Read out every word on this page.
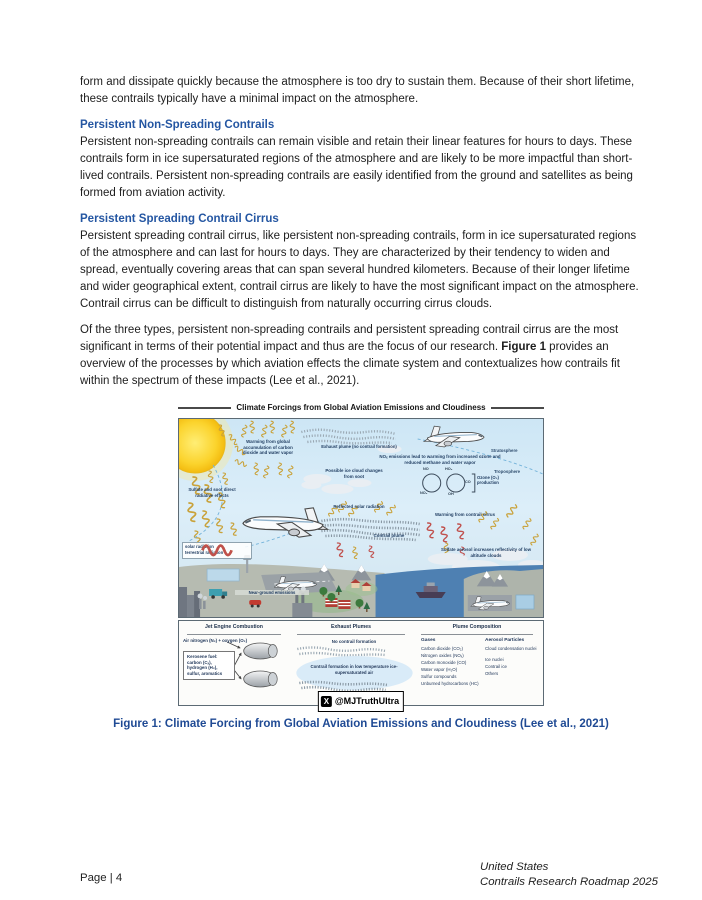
form and dissipate quickly because the atmosphere is too dry to sustain them. Because of their short lifetime, these contrails typically have a minimal impact on the atmosphere.

Persistent Non-Spreading Contrails

Persistent non-spreading contrails can remain visible and retain their linear features for hours to days. These contrails form in ice supersaturated regions of the atmosphere and are likely to be more impactful than short-lived contrails. Persistent non-spreading contrails are easily identified from the ground and satellites as being formed from aviation activity.

Persistent Spreading Contrail Cirrus

Persistent spreading contrail cirrus, like persistent non-spreading contrails, form in ice supersaturated regions of the atmosphere and can last for hours to days. They are characterized by their tendency to widen and spread, eventually covering areas that can span several hundred kilometers. Because of their longer lifetime and wider geographical extent, contrail cirrus are likely to have the most significant impact on the atmosphere. Contrail cirrus can be difficult to distinguish from naturally occurring cirrus clouds.

Of the three types, persistent non-spreading contrails and persistent spreading contrail cirrus are the most significant in terms of their potential impact and thus are the focus of our research. Figure 1 provides an overview of the processes by which aviation effects the climate system and contextualizes how contrails fit within the spectrum of these impacts (Lee et al., 2021).

Climate Forcings from Global Aviation Emissions and Cloudiness
Warming from global accumulation of carbon dioxide and water vapor
Exhaust plume (no contrail formation)
Stratosphere
Troposphere
NOₓ emissions lead to warming from increased ozone and reduced methane and water vapor
NO
NO₂
HO₂
CO
OH
Ozone (O₃) production
Possible ice cloud changes from soot
Sulfate and soot direct radiative effects
Reflected solar radiation
Contrail plume
Warming from contrail cirrus
Sulfate aerosol increases reflectivity of low altitude clouds
Near-ground emissions
solar radiation
terrestrial radiation
Jet Engine Combustion	Exhaust Plumes	Plume Composition
Air nitrogen (N₂) + oxygen (O₂)
Kerosene fuel: carbon (Cₓ), hydrogen (H₂), sulfur, aromatics
No contrail formation
Contrail formation in low temperature ice-supersaturated air
Gases
Carbon dioxide (CO₂)
Nitrogen oxides (NOₓ)
Carbon monoxide (CO)
Water vapor (H₂O)
Sulfur compounds
Unburned hydrocarbons (HC)
Aerosol Particles
Cloud condensation nuclei
Ice nuclei
Contrail ice
Others
X @MJTruthUltra
Figure 1: Climate Forcing from Global Aviation Emissions and Cloudiness (Lee et al., 2021)
Page | 4
United States
Contrails Research Roadmap 2025
